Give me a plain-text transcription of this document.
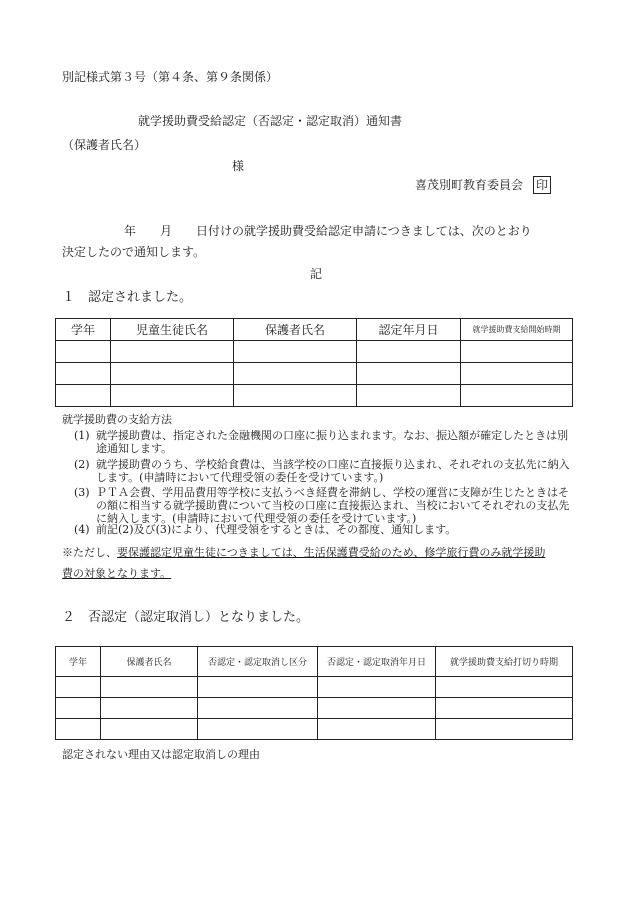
別記様式第３号（第４条、第９条関係）
就学援助費受給認定（否認定・認定取消）通知書
（保護者氏名）
様
喜茂別町教育委員会 印
年　　月　　日付けの就学援助費受給認定申請につきましては、次のとおり
決定したので通知します。
記
１　認定されました。
学年	児童生徒氏名	保護者氏名	認定年月日	就学援助費支給開始時期

就学援助費の支給方法
(1) 就学援助費は、指定された金融機関の口座に振り込まれます。なお、振込額が確定したときは別途通知します。
(2) 就学援助費のうち、学校給食費は、当該学校の口座に直接振り込まれ、それぞれの支払先に納入します。(申請時において代理受領の委任を受けています。)
(3) ＰＴＡ会費、学用品費用等学校に支払うべき経費を滞納し、学校の運営に支障が生じたときはその額に相当する就学援助費について当校の口座に直接振込まれ、当校においてそれぞれの支払先に納入します。(申請時において代理受領の委任を受けています。)
(4) 前記(2)及び(3)により、代理受領をするときは、その都度、通知します。
※ただし、要保護認定児童生徒につきましては、生活保護費受給のため、修学旅行費のみ就学援助
費の対象となります。
２　否認定（認定取消し）となりました。
学年	保護者氏名	否認定・認定取消し区分	否認定・認定取消年月日	就学援助費支給打切り時期

認定されない理由又は認定取消しの理由
